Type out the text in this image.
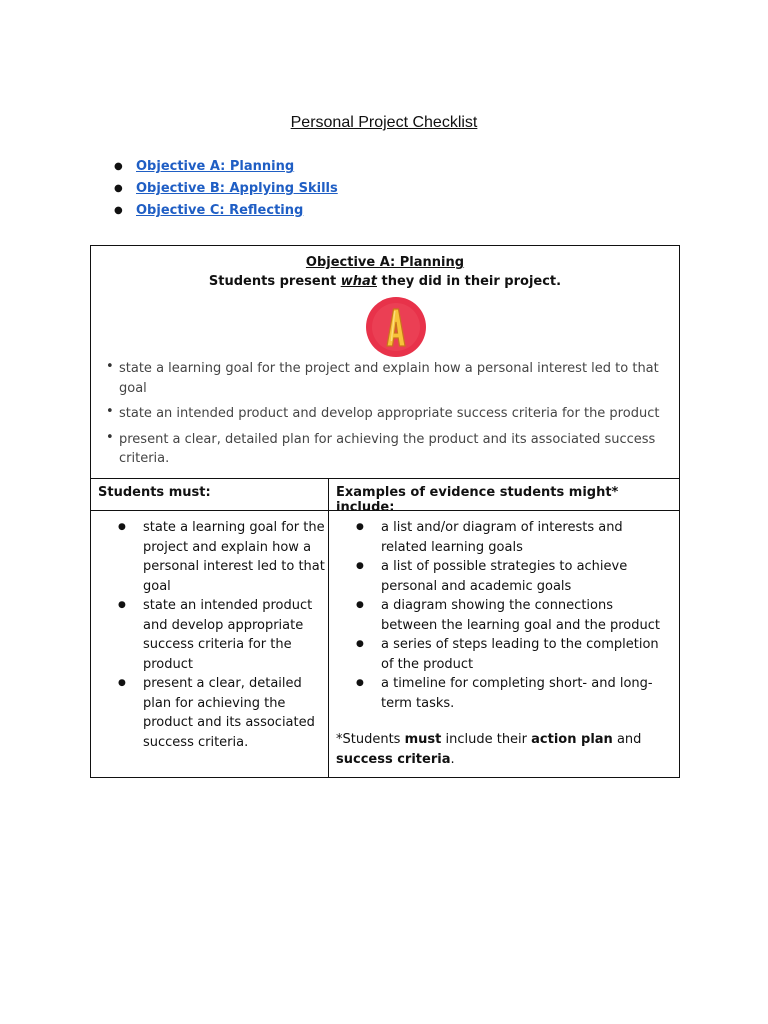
Personal Project Checklist
● Objective A: Planning
● Objective B: Applying Skills
● Objective C: Reflecting
Objective A: Planning
Students present what they did in their project.
• state a learning goal for the project and explain how a personal interest led to that goal
• state an intended product and develop appropriate success criteria for the product
• present a clear, detailed plan for achieving the product and its associated success criteria.
Students must:	Examples of evidence students might* include:
● state a learning goal for the project and explain how a personal interest led to that goal
● state an intended product and develop appropriate success criteria for the product
● present a clear, detailed plan for achieving the product and its associated success criteria.
● a list and/or diagram of interests and related learning goals
● a list of possible strategies to achieve personal and academic goals
● a diagram showing the connections between the learning goal and the product
● a series of steps leading to the completion of the product
● a timeline for completing short- and long-term tasks.
*Students must include their action plan and
success criteria.
